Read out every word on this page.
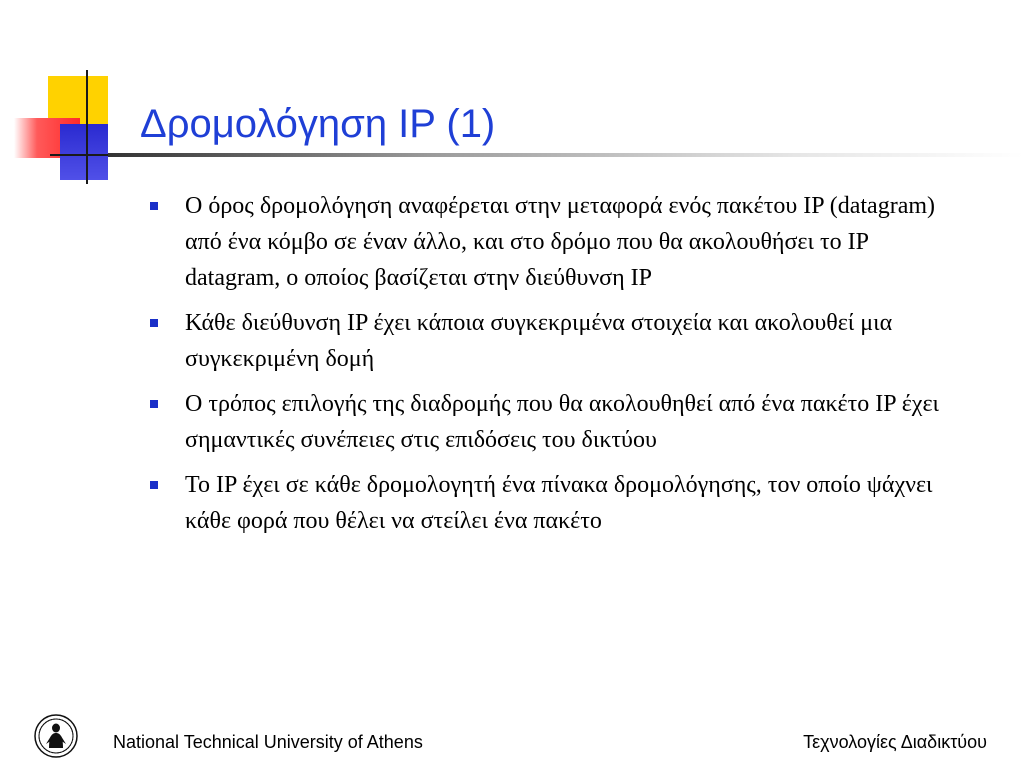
Δρομολόγηση IP (1)
Ο όρος δρομολόγηση αναφέρεται στην μεταφορά ενός πακέτου IP (datagram) από ένα κόμβο σε έναν άλλο, και στο δρόμο που θα ακολουθήσει το IP datagram, ο οποίος βασίζεται στην διεύθυνση IP
Κάθε διεύθυνση IP έχει κάποια συγκεκριμένα στοιχεία και ακολουθεί μια συγκεκριμένη δομή
Ο τρόπος επιλογής της διαδρομής που θα ακολουθηθεί από ένα πακέτο IP έχει σημαντικές συνέπειες στις επιδόσεις του δικτύου
Το IP έχει σε κάθε δρομολογητή ένα πίνακα δρομολόγησης, τον οποίο ψάχνει κάθε φορά που θέλει να στείλει ένα πακέτο
National Technical University of Athens	Τεχνολογίες Διαδικτύου
